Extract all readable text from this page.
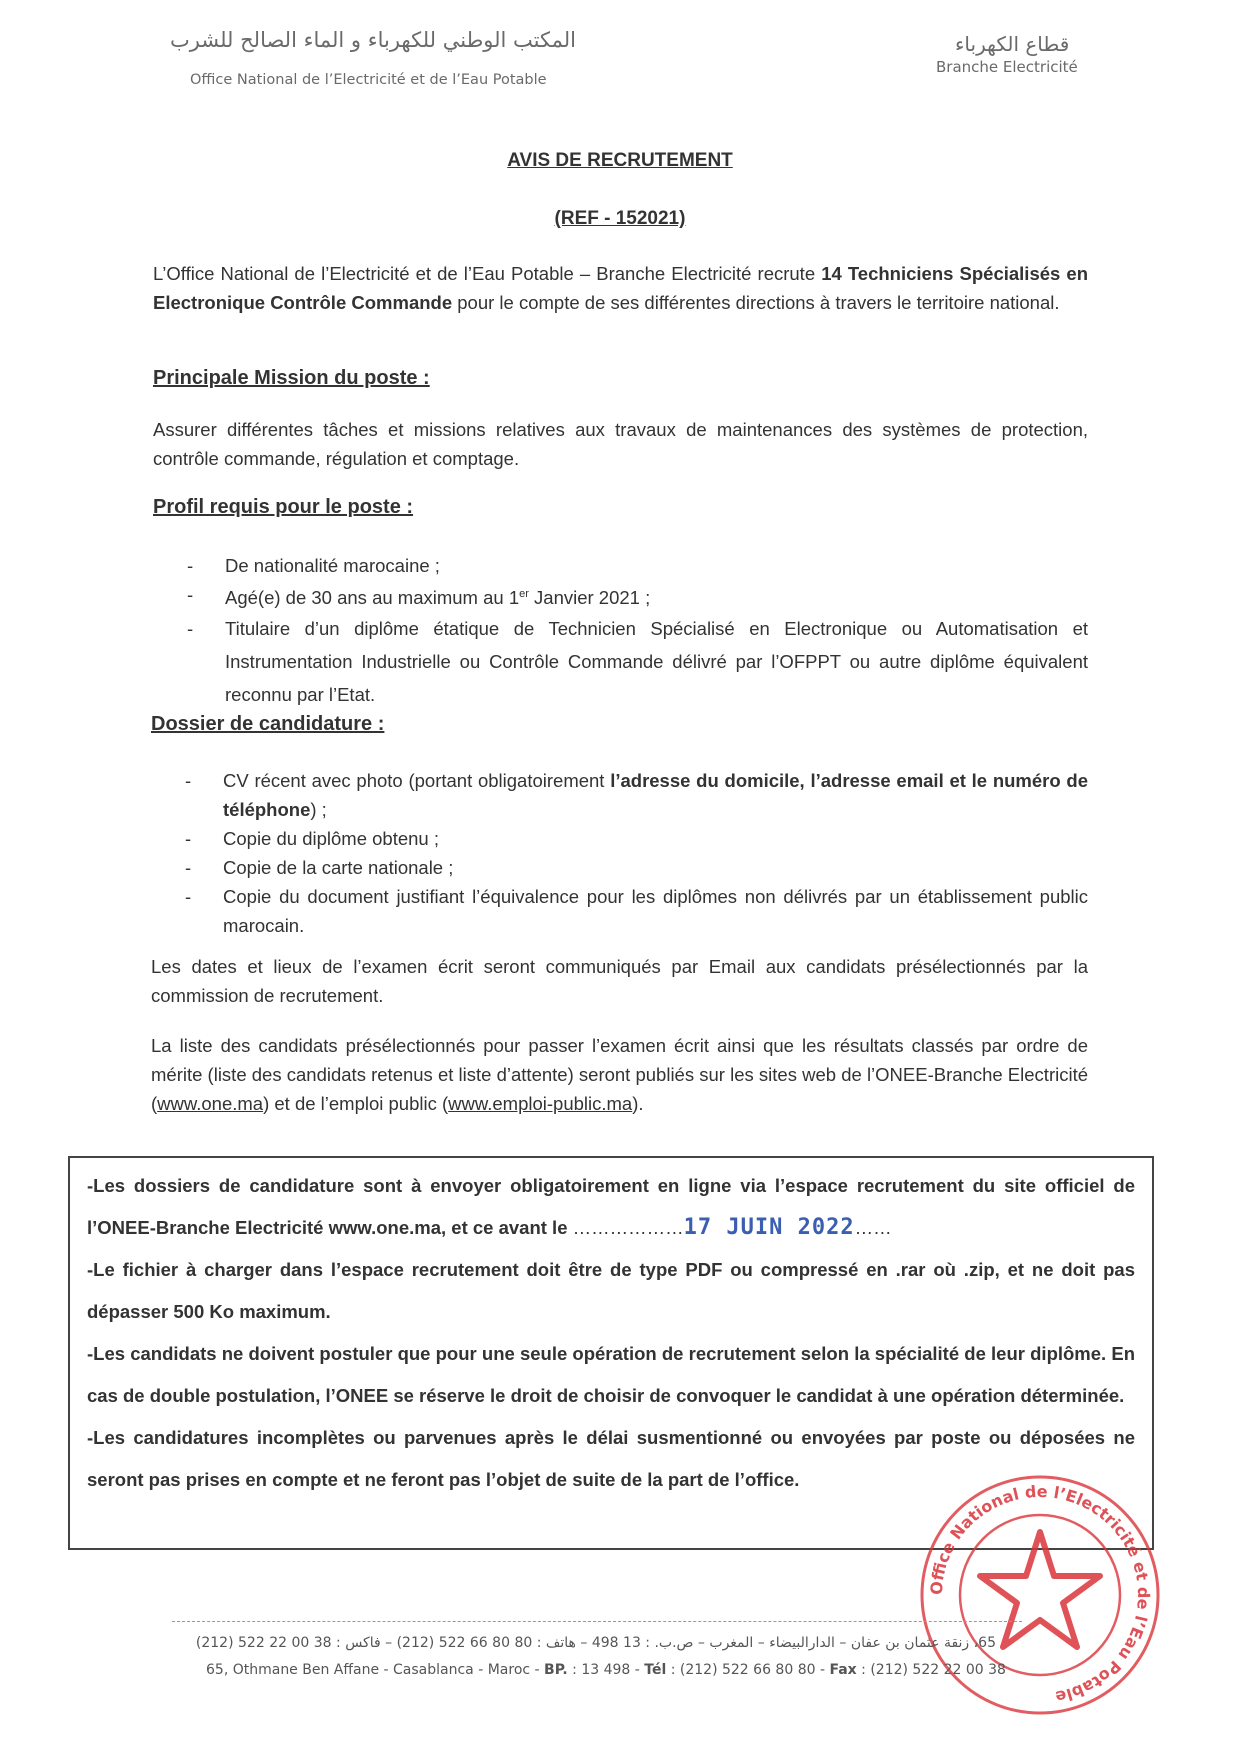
المكتب الوطني للكهرباء و الماء الصالح للشرب
Office National de l’Electricité et de l’Eau Potable
قطاع الكهرباء
Branche Electricité
AVIS DE RECRUTEMENT
(REF - 152021)
L’Office National de l’Electricité et de l’Eau Potable – Branche Electricité recrute 14 Techniciens Spécialisés en Electronique Contrôle Commande pour le compte de ses différentes directions à travers le territoire national.
Principale Mission du poste :
Assurer différentes tâches et missions relatives aux travaux de maintenances des systèmes de protection, contrôle commande, régulation et comptage.
Profil requis pour le poste :
- De nationalité marocaine ;
- Agé(e) de 30 ans au maximum au 1er Janvier 2021 ;
- Titulaire d’un diplôme étatique de Technicien Spécialisé en Electronique ou Automatisation et Instrumentation Industrielle ou Contrôle Commande délivré par l’OFPPT ou autre diplôme équivalent reconnu par l’Etat.
Dossier de candidature :
- CV récent avec photo (portant obligatoirement l’adresse du domicile, l’adresse email et le numéro de téléphone) ;
- Copie du diplôme obtenu ;
- Copie de la carte nationale ;
- Copie du document justifiant l’équivalence pour les diplômes non délivrés par un établissement public marocain.
Les dates et lieux de l’examen écrit seront communiqués par Email aux candidats présélectionnés par la commission de recrutement.
La liste des candidats présélectionnés pour passer l’examen écrit ainsi que les résultats classés par ordre de mérite (liste des candidats retenus et liste d’attente) seront publiés sur les sites web de l’ONEE-Branche Electricité (www.one.ma) et de l’emploi public (www.emploi-public.ma).

-Les dossiers de candidature sont à envoyer obligatoirement en ligne via l’espace recrutement du site officiel de l’ONEE-Branche Electricité www.one.ma, et ce avant le ………………17 JUIN 2022……

-Le fichier à charger dans l’espace recrutement doit être de type PDF ou compressé en .rar où .zip, et ne doit pas dépasser 500 Ko maximum.

-Les candidats ne doivent postuler que pour une seule opération de recrutement selon la spécialité de leur diplôme. En cas de double postulation, l’ONEE se réserve le droit de choisir de convoquer le candidat à une opération déterminée.

-Les candidatures incomplètes ou parvenues après le délai susmentionné ou envoyées par poste ou déposées ne seront pas prises en compte et ne feront pas l’objet de suite de la part de l’office.

Office National de l’Electricité et de l’Eau Potable
65، زنقة عثمان بن عفان – الدارالبيضاء – المغرب – ص.ب. : 13 498 – هاتف : 80 80 66 522 (212) – فاكس : 38 00 22 522 (212)
65, Othmane Ben Affane - Casablanca - Maroc - BP. : 13 498 - Tél : (212) 522 66 80 80 - Fax : (212) 522 22 00 38
